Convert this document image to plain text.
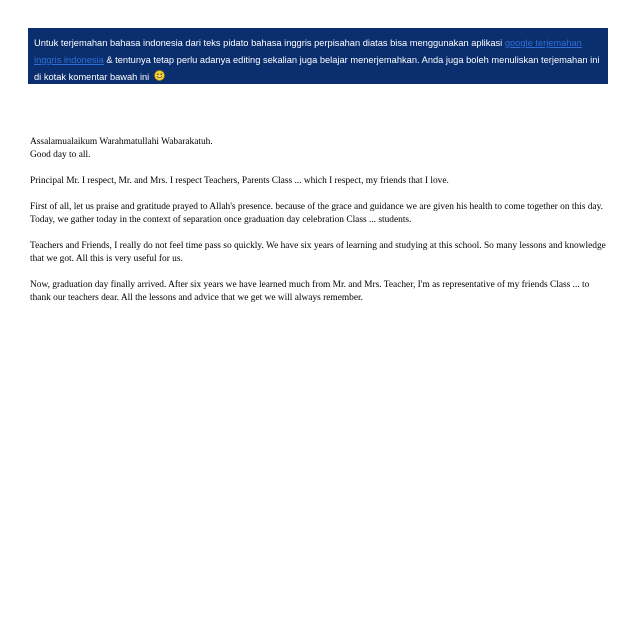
Untuk terjemahan bahasa indonesia dari teks pidato bahasa inggris perpisahan diatas bisa menggunakan aplikasi google terjemahan inggris indonesia & tentunya tetap perlu adanya editing sekalian juga belajar menerjemahkan. Anda juga boleh menuliskan terjemahan ini di kotak komentar bawah ini

Assalamualaikum Warahmatullahi Wabarakatuh.
Good day to all.

Principal Mr. I respect, Mr. and Mrs. I respect Teachers, Parents Class ... which I respect, my friends that I love.

First of all, let us praise and gratitude prayed to Allah's presence. because of the grace and guidance we are given his health to come together on this day. Today, we gather today in the context of separation once graduation day celebration Class ... students.

Teachers and Friends, I really do not feel time pass so quickly. We have six years of learning and studying at this school. So many lessons and knowledge that we got. All this is very useful for us.

Now, graduation day finally arrived. After six years we have learned much from Mr. and Mrs. Teacher, I'm as representative of my friends Class ... to thank our teachers dear. All the lessons and advice that we get we will always remember.
